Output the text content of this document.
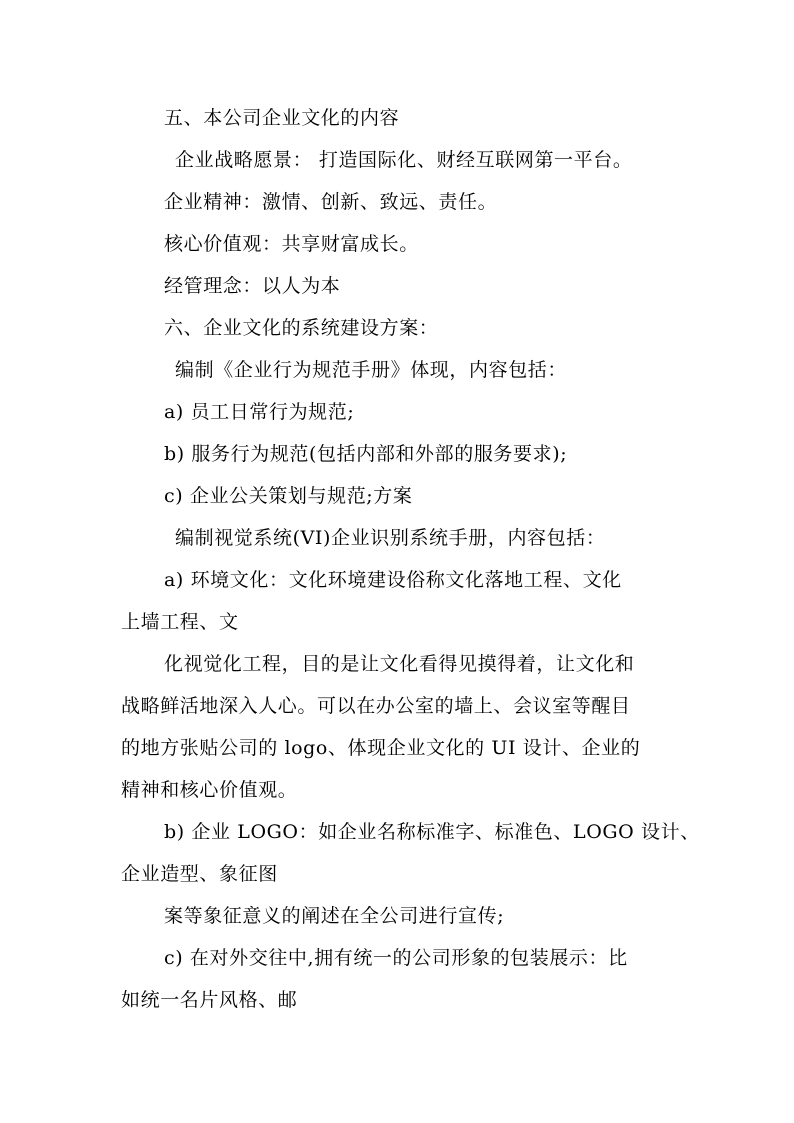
五、本公司企业文化的内容
企业战略愿景： 打造国际化、财经互联网第一平台。
企业精神：激情、创新、致远、责任。
核心价值观：共享财富成长。
经管理念：以人为本
六、企业文化的系统建设方案：
编制《企业行为规范手册》体现，内容包括：
a) 员工日常行为规范;
b) 服务行为规范(包括内部和外部的服务要求);
c) 企业公关策划与规范;方案
编制视觉系统(VI)企业识别系统手册，内容包括：
a) 环境文化：文化环境建设俗称文化落地工程、文化
上墙工程、文
化视觉化工程，目的是让文化看得见摸得着，让文化和
战略鲜活地深入人心。可以在办公室的墙上、会议室等醒目
的地方张贴公司的 logo、体现企业文化的 UI 设计、企业的
精神和核心价值观。
b) 企业 LOGO：如企业名称标准字、标准色、LOGO 设计、
企业造型、象征图
案等象征意义的阐述在全公司进行宣传;
c) 在对外交往中,拥有统一的公司形象的包装展示：比
如统一名片风格、邮
